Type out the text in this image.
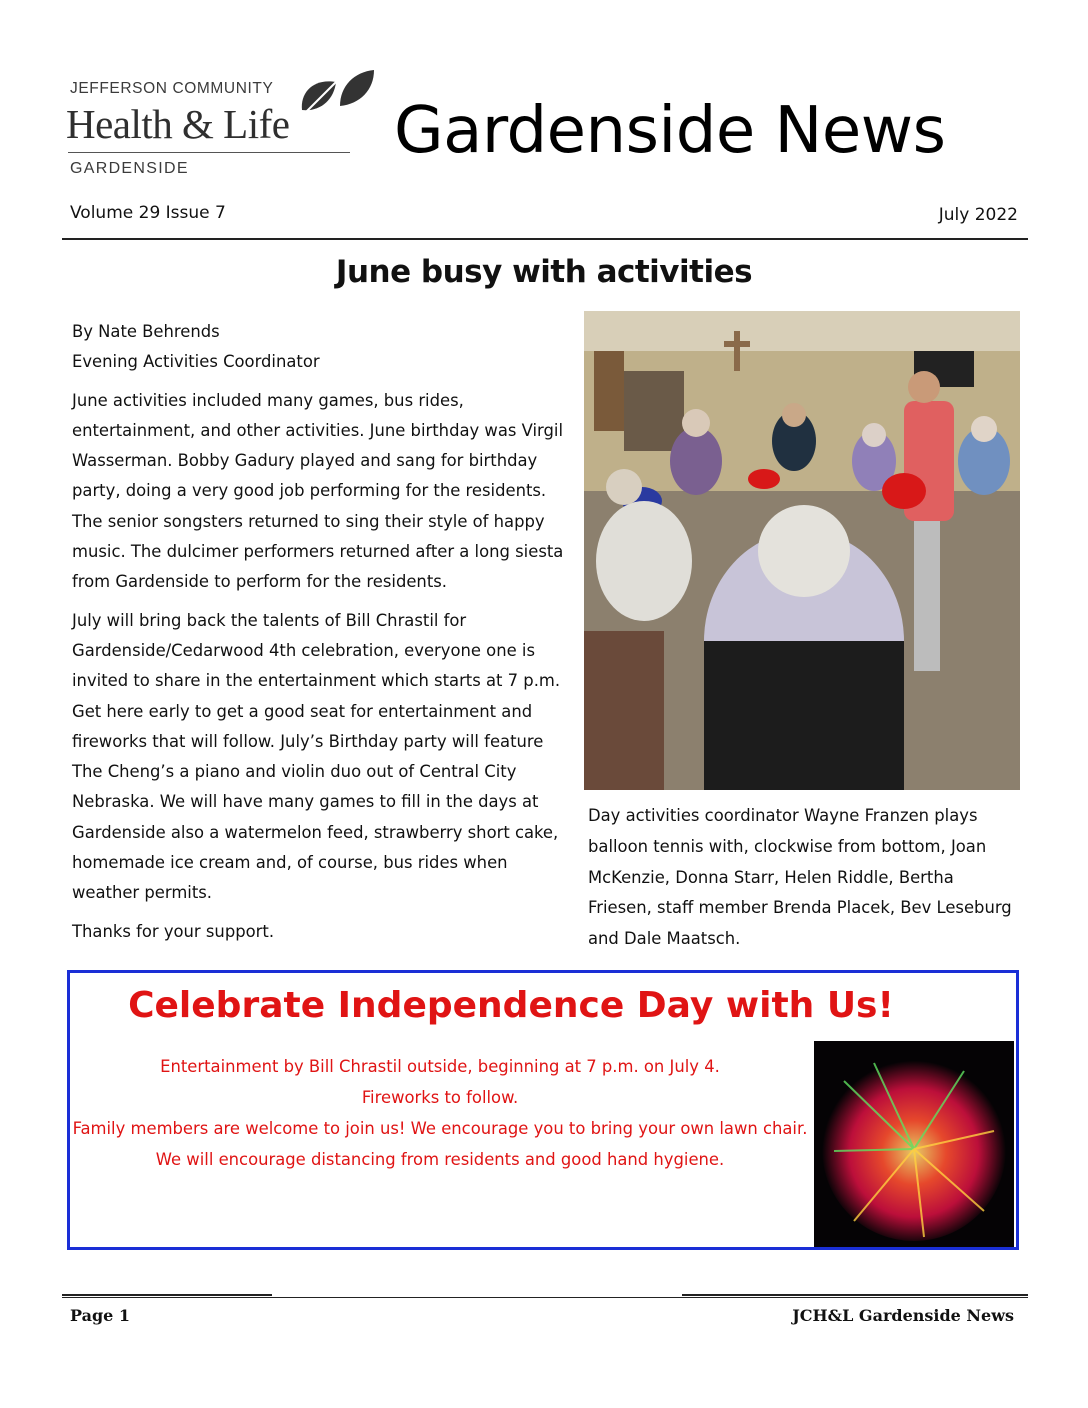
JEFFERSON COMMUNITY
Health & Life
GARDENSIDE
Gardenside News
Volume 29 Issue 7	July 2022
June busy with activities

By Nate Behrends

Evening Activities Coordinator

June activities included many games, bus rides, entertainment, and other activities. June birthday was Virgil Wasserman. Bobby Gadury played and sang for birthday party, doing a very good job performing for the residents. The senior songsters returned to sing their style of happy music. The dulcimer performers returned after a long siesta from Gardenside to perform for the residents.

July will bring back the talents of Bill Chrastil for Gardenside/Cedarwood 4th celebration, everyone one is invited to share in the entertainment which starts at 7 p.m. Get here early to get a good seat for entertainment and fireworks that will follow. July’s Birthday party will feature The Cheng’s a piano and violin duo out of Central City Nebraska. We will have many games to fill in the days at Gardenside also a watermelon feed, strawberry short cake, homemade ice cream and, of course, bus rides when weather permits.

Thanks for your support.

Day activities coordinator Wayne Franzen plays balloon tennis with, clockwise from bottom, Joan McKenzie, Donna Starr, Helen Riddle, Bertha Friesen, staff member Brenda Placek, Bev Leseburg and Dale Maatsch.
Celebrate Independence Day with Us!

Entertainment by Bill Chrastil outside, beginning at 7 p.m. on July 4.

Fireworks to follow.

Family members are welcome to join us! We encourage you to bring your own lawn chair. We will encourage distancing from residents and good hand hygiene.

Page 1	JCH&L Gardenside News
